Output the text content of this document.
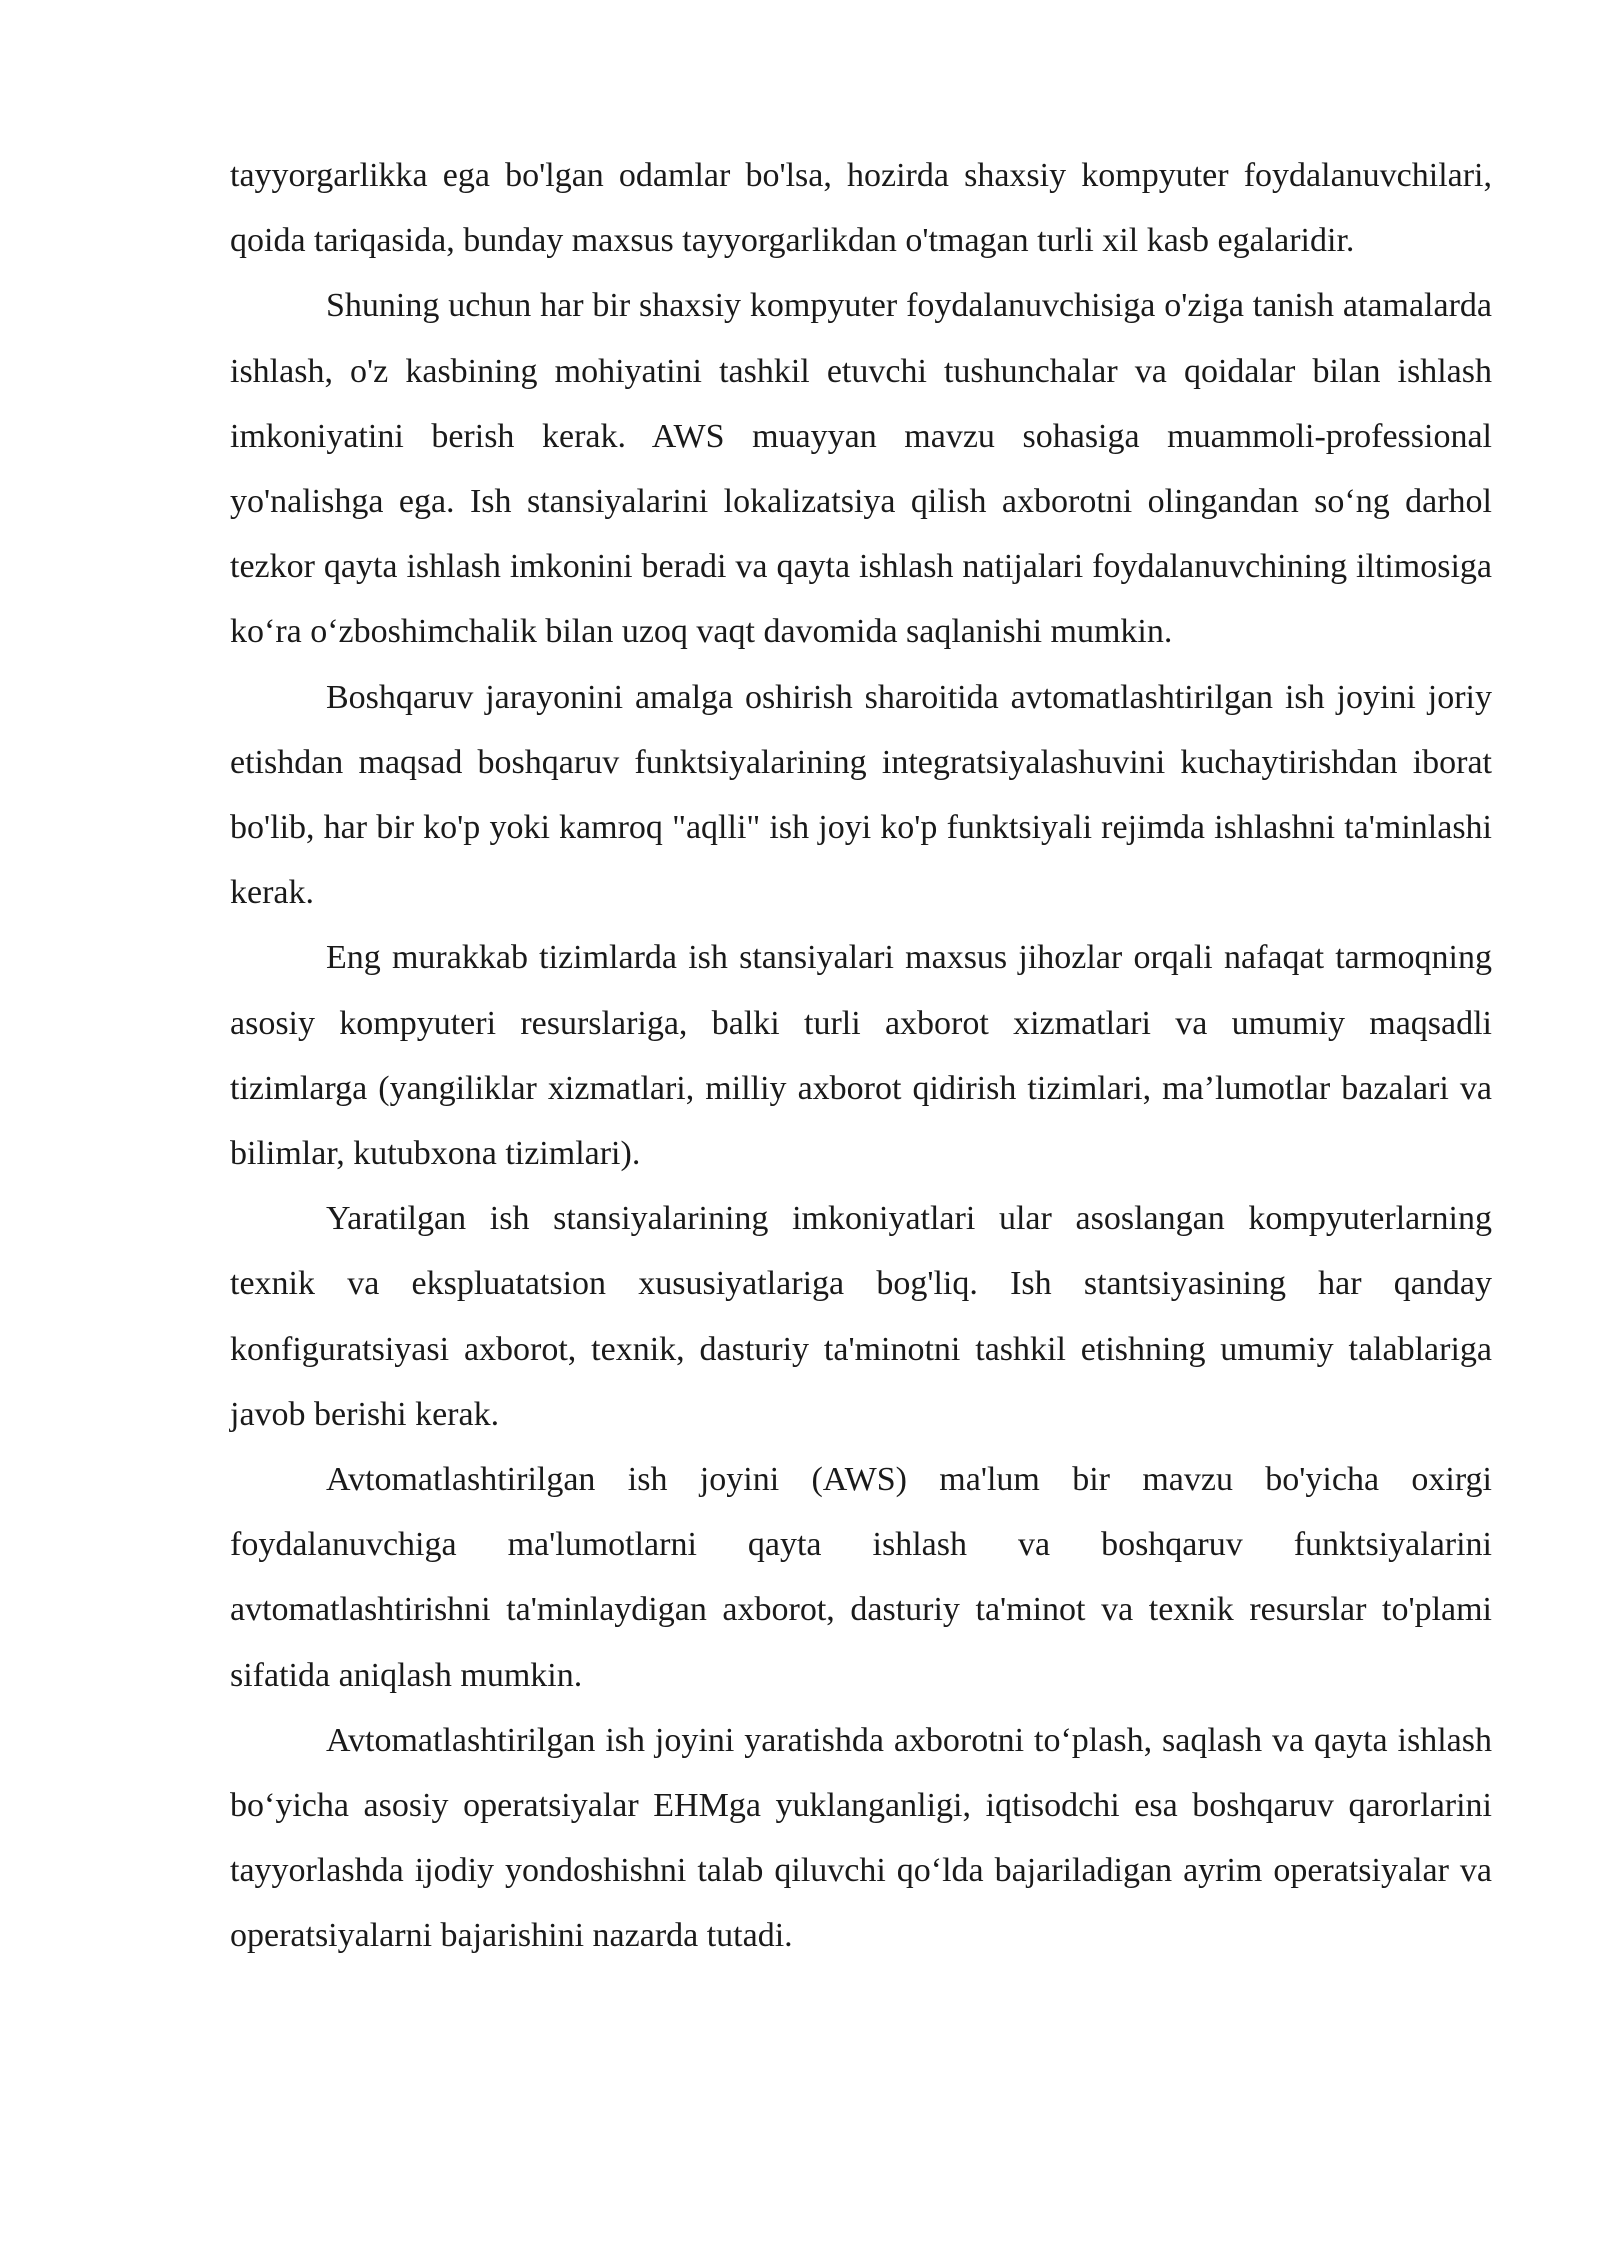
tayyorgarlikka ega bo'lgan odamlar bo'lsa, hozirda shaxsiy kompyuter foydalanuvchilari, qoida tariqasida, bunday maxsus tayyorgarlikdan o'tmagan turli xil kasb egalaridir.

Shuning uchun har bir shaxsiy kompyuter foydalanuvchisiga o'ziga tanish atamalarda ishlash, o'z kasbining mohiyatini tashkil etuvchi tushunchalar va qoidalar bilan ishlash imkoniyatini berish kerak. AWS muayyan mavzu sohasiga muammoli-professional yo'nalishga ega. Ish stansiyalarini lokalizatsiya qilish axborotni olingandan so‘ng darhol tezkor qayta ishlash imkonini beradi va qayta ishlash natijalari foydalanuvchining iltimosiga ko‘ra o‘zboshimchalik bilan uzoq vaqt davomida saqlanishi mumkin.

Boshqaruv jarayonini amalga oshirish sharoitida avtomatlashtirilgan ish joyini joriy etishdan maqsad boshqaruv funktsiyalarining integratsiyalashuvini kuchaytirishdan iborat bo'lib, har bir ko'p yoki kamroq "aqlli" ish joyi ko'p funktsiyali rejimda ishlashni ta'minlashi kerak.

Eng murakkab tizimlarda ish stansiyalari maxsus jihozlar orqali nafaqat tarmoqning asosiy kompyuteri resurslariga, balki turli axborot xizmatlari va umumiy maqsadli tizimlarga (yangiliklar xizmatlari, milliy axborot qidirish tizimlari, ma’lumotlar bazalari va bilimlar, kutubxona tizimlari).

Yaratilgan ish stansiyalarining imkoniyatlari ular asoslangan kompyuterlarning texnik va ekspluatatsion xususiyatlariga bog'liq. Ish stantsiyasining har qanday konfiguratsiyasi axborot, texnik, dasturiy ta'minotni tashkil etishning umumiy talablariga javob berishi kerak.

Avtomatlashtirilgan ish joyini (AWS) ma'lum bir mavzu bo'yicha oxirgi foydalanuvchiga ma'lumotlarni qayta ishlash va boshqaruv funktsiyalarini avtomatlashtirishni ta'minlaydigan axborot, dasturiy ta'minot va texnik resurslar to'plami sifatida aniqlash mumkin.

Avtomatlashtirilgan ish joyini yaratishda axborotni to‘plash, saqlash va qayta ishlash bo‘yicha asosiy operatsiyalar EHMga yuklanganligi, iqtisodchi esa boshqaruv qarorlarini tayyorlashda ijodiy yondoshishni talab qiluvchi qo‘lda bajariladigan ayrim operatsiyalar va operatsiyalarni bajarishini nazarda tutadi.
